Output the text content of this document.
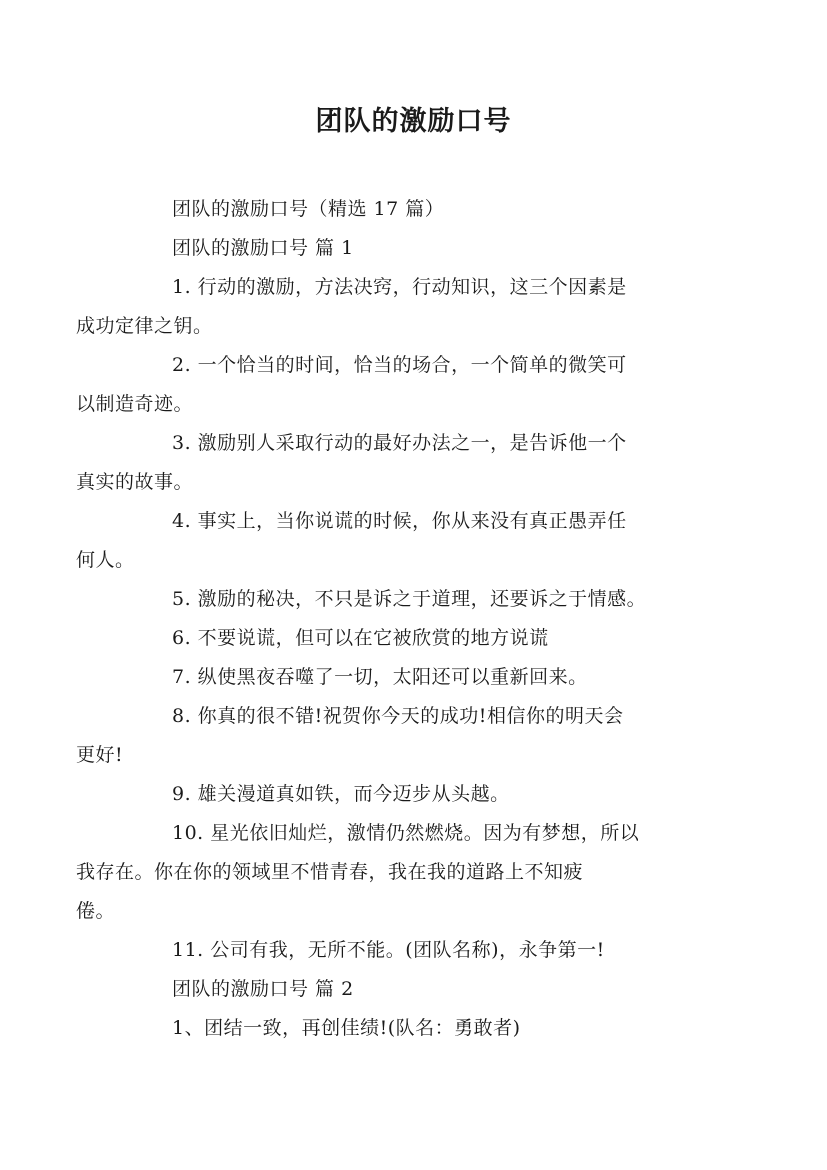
团队的激励口号
团队的激励口号（精选 17 篇）
团队的激励口号 篇 1
1. 行动的激励，方法决窍，行动知识，这三个因素是
成功定律之钥。
2. 一个恰当的时间，恰当的场合，一个简单的微笑可
以制造奇迹。
3. 激励别人采取行动的最好办法之一，是告诉他一个
真实的故事。
4. 事实上，当你说谎的时候，你从来没有真正愚弄任
何人。
5. 激励的秘决，不只是诉之于道理，还要诉之于情感。
6. 不要说谎，但可以在它被欣赏的地方说谎
7. 纵使黑夜吞噬了一切，太阳还可以重新回来。
8. 你真的很不错!祝贺你今天的成功!相信你的明天会
更好!
9. 雄关漫道真如铁，而今迈步从头越。
10. 星光依旧灿烂，激情仍然燃烧。因为有梦想，所以
我存在。你在你的领域里不惜青春，我在我的道路上不知疲
倦。
11. 公司有我，无所不能。(团队名称)，永争第一!
团队的激励口号 篇 2
1、团结一致，再创佳绩!(队名：勇敢者)
